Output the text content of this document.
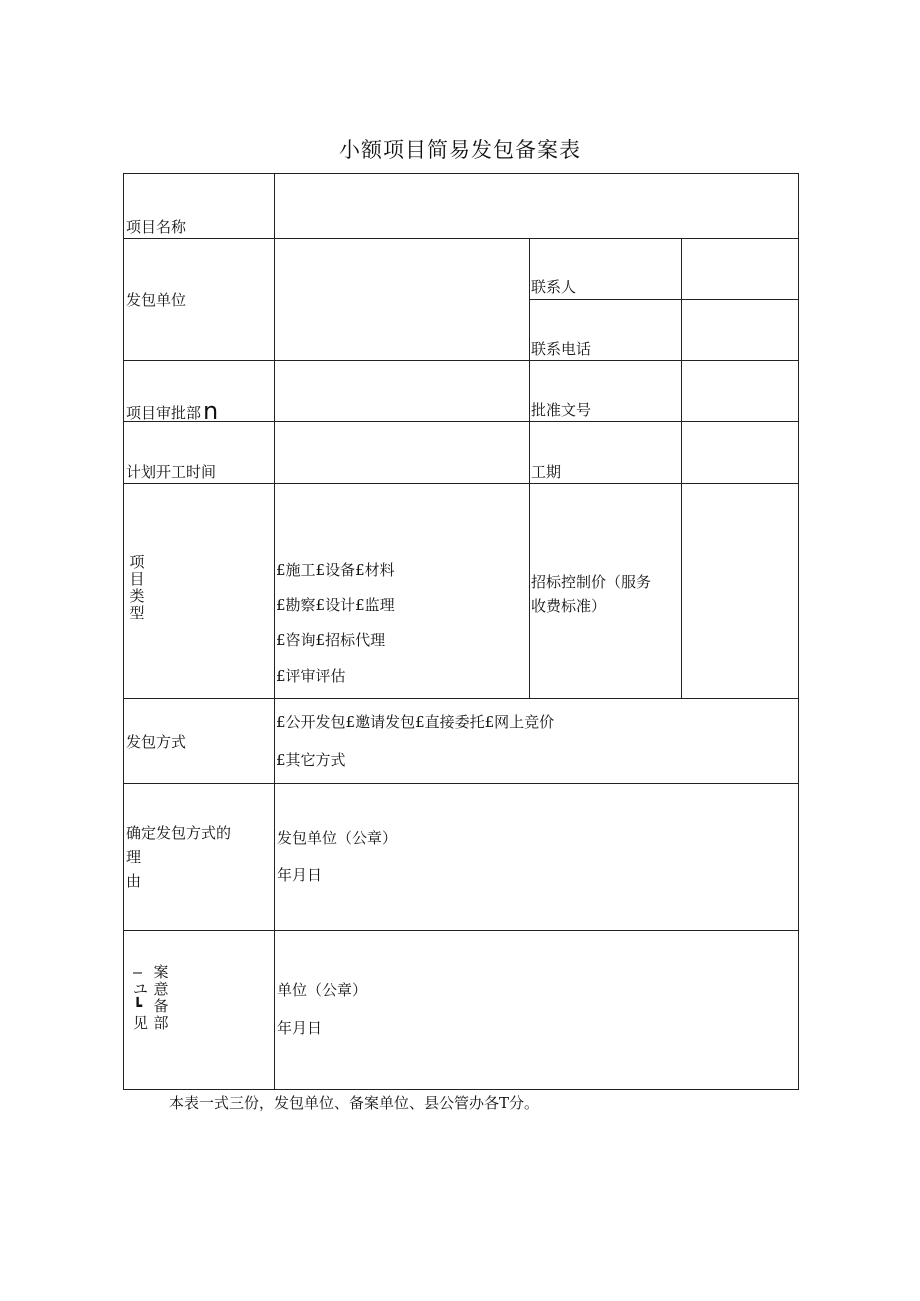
小额项目简易发包备案表
项目名称
发包单位
联系人
联系电话
项目审批部n	批准文号
计划开工时间	工期
项
目
类
型
£施工£设备£材料
£勘察£设计£监理
£咨询£招标代理
£评审评估
招标控制价（服务
收费标准）
发包方式
£公开发包£邀请发包£直接委托£网上竞价
£其它方式
确定发包方式的
理
由
发包单位（公章）
年月日
―
ユ
┗
见
案
意
备
部
单位（公章）
年月日
本表一式三份，发包单位、备案单位、县公管办各T分。
